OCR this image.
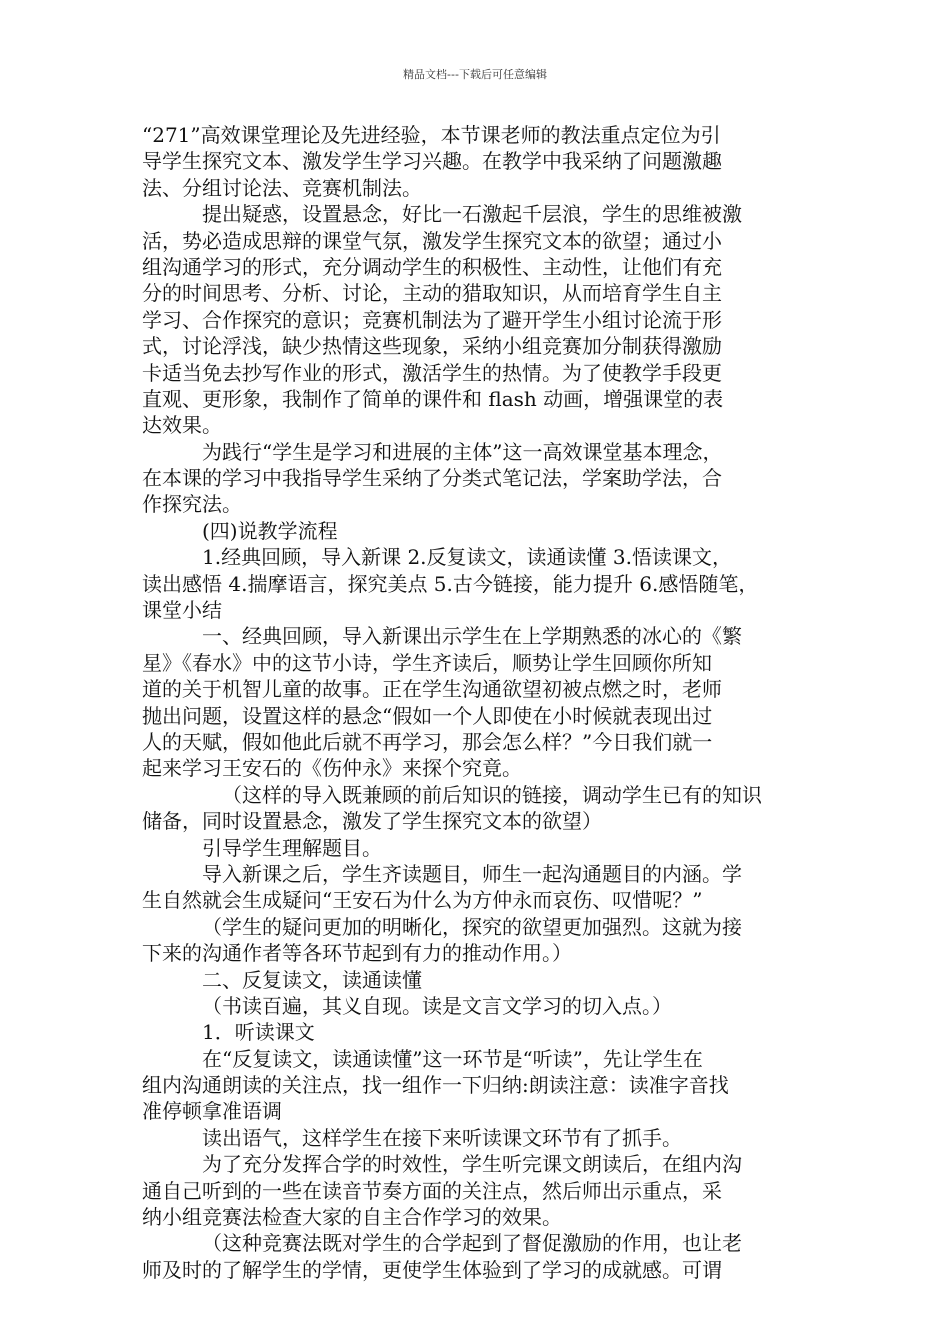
精品文档---下载后可任意编辑
“271”高效课堂理论及先进经验，本节课老师的教法重点定位为引
导学生探究文本、激发学生学习兴趣。在教学中我采纳了问题激趣
法、分组讨论法、竞赛机制法。
提出疑惑，设置悬念，好比一石激起千层浪，学生的思维被激
活，势必造成思辩的课堂气氛，激发学生探究文本的欲望；通过小
组沟通学习的形式，充分调动学生的积极性、主动性，让他们有充
分的时间思考、分析、讨论，主动的猎取知识，从而培育学生自主
学习、合作探究的意识；竞赛机制法为了避开学生小组讨论流于形
式，讨论浮浅，缺少热情这些现象，采纳小组竞赛加分制获得激励
卡适当免去抄写作业的形式，激活学生的热情。为了使教学手段更
直观、更形象，我制作了简单的课件和 flash 动画，增强课堂的表
达效果。
为践行“学生是学习和进展的主体”这一高效课堂基本理念，
在本课的学习中我指导学生采纳了分类式笔记法，学案助学法，合
作探究法。
(四)说教学流程
1.经典回顾，导入新课 2.反复读文，读通读懂 3.悟读课文，
读出感悟 4.揣摩语言，探究美点 5.古今链接，能力提升 6.感悟随笔，
课堂小结
一、经典回顾，导入新课出示学生在上学期熟悉的冰心的《繁
星》《春水》中的这节小诗，学生齐读后，顺势让学生回顾你所知
道的关于机智儿童的故事。正在学生沟通欲望初被点燃之时，老师
抛出问题，设置这样的悬念“假如一个人即使在小时候就表现出过
人的天赋，假如他此后就不再学习，那会怎么样？”今日我们就一
起来学习王安石的《伤仲永》来探个究竟。
（这样的导入既兼顾的前后知识的链接，调动学生已有的知识
储备，同时设置悬念，激发了学生探究文本的欲望）
引导学生理解题目。
导入新课之后，学生齐读题目，师生一起沟通题目的内涵。学
生自然就会生成疑问“王安石为什么为方仲永而哀伤、叹惜呢？”
（学生的疑问更加的明晰化，探究的欲望更加强烈。这就为接
下来的沟通作者等各环节起到有力的推动作用。）
二、反复读文，读通读懂
（书读百遍，其义自现。读是文言文学习的切入点。）
1．听读课文
在“反复读文，读通读懂”这一环节是“听读”，先让学生在
组内沟通朗读的关注点，找一组作一下归纳:朗读注意：读准字音找
准停顿拿准语调
读出语气，这样学生在接下来听读课文环节有了抓手。
为了充分发挥合学的时效性，学生听完课文朗读后，在组内沟
通自己听到的一些在读音节奏方面的关注点，然后师出示重点，采
纳小组竞赛法检查大家的自主合作学习的效果。
（这种竞赛法既对学生的合学起到了督促激励的作用，也让老
师及时的了解学生的学情，更使学生体验到了学习的成就感。可谓
